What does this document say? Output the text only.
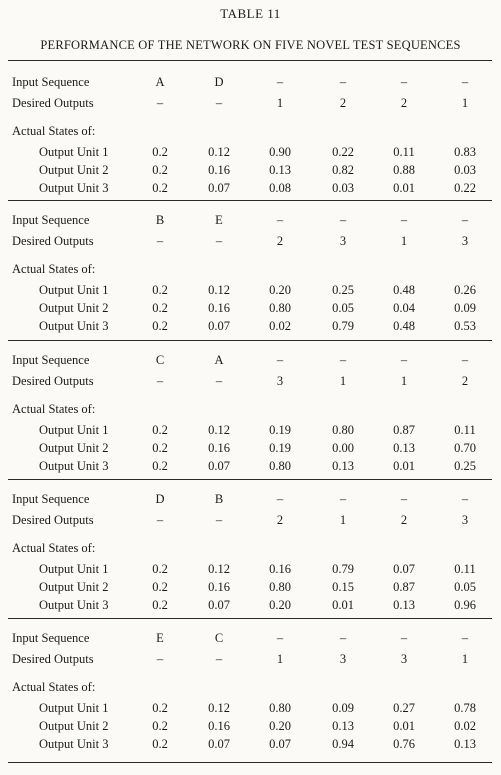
TABLE 11
PERFORMANCE OF THE NETWORK ON FIVE NOVEL TEST SEQUENCES
Input Sequence	A	D	–	–	–	–
Desired Outputs	–	–	1	2	2	1
Actual States of:
Output Unit 1	0.2	0.12	0.90	0.22	0.11	0.83
Output Unit 2	0.2	0.16	0.13	0.82	0.88	0.03
Output Unit 3	0.2	0.07	0.08	0.03	0.01	0.22
Input Sequence	B	E	–	–	–	–
Desired Outputs	–	–	2	3	1	3
Actual States of:
Output Unit 1	0.2	0.12	0.20	0.25	0.48	0.26
Output Unit 2	0.2	0.16	0.80	0.05	0.04	0.09
Output Unit 3	0.2	0.07	0.02	0.79	0.48	0.53
Input Sequence	C	A	–	–	–	–
Desired Outputs	–	–	3	1	1	2
Actual States of:
Output Unit 1	0.2	0.12	0.19	0.80	0.87	0.11
Output Unit 2	0.2	0.16	0.19	0.00	0.13	0.70
Output Unit 3	0.2	0.07	0.80	0.13	0.01	0.25
Input Sequence	D	B	–	–	–	–
Desired Outputs	–	–	2	1	2	3
Actual States of:
Output Unit 1	0.2	0.12	0.16	0.79	0.07	0.11
Output Unit 2	0.2	0.16	0.80	0.15	0.87	0.05
Output Unit 3	0.2	0.07	0.20	0.01	0.13	0.96
Input Sequence	E	C	–	–	–	–
Desired Outputs	–	–	1	3	3	1
Actual States of:
Output Unit 1	0.2	0.12	0.80	0.09	0.27	0.78
Output Unit 2	0.2	0.16	0.20	0.13	0.01	0.02
Output Unit 3	0.2	0.07	0.07	0.94	0.76	0.13
